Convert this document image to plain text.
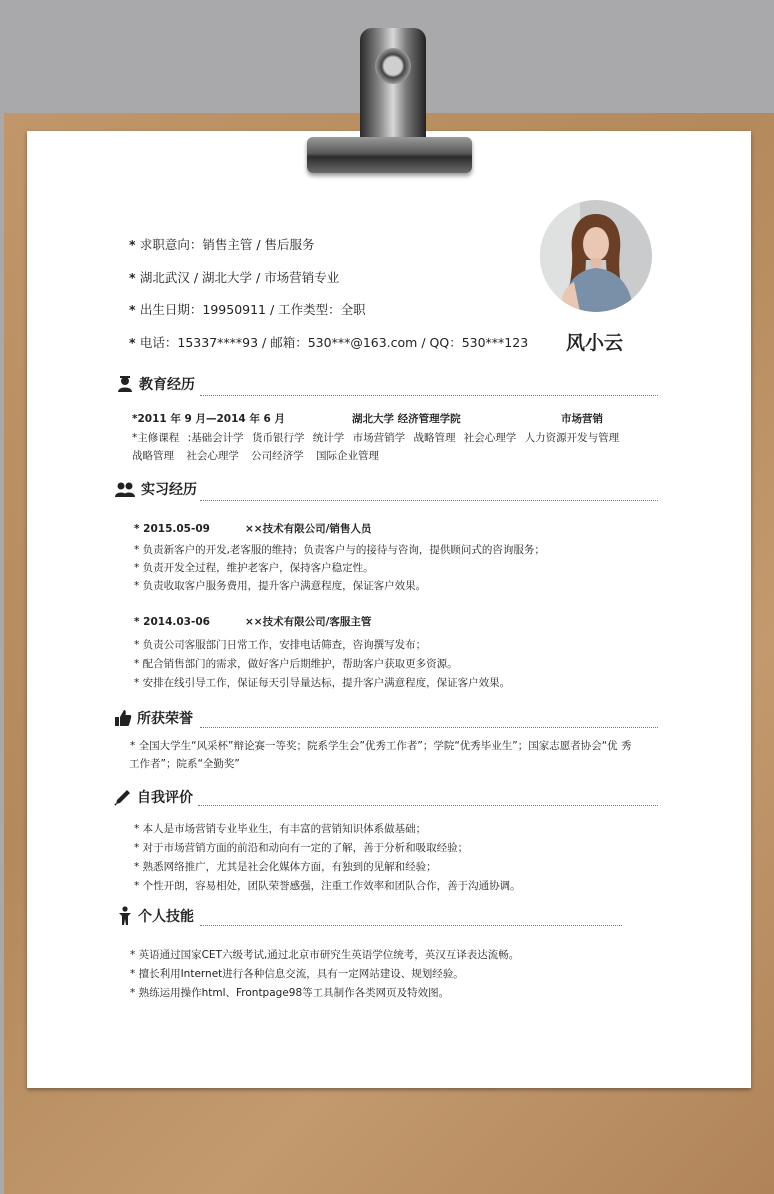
* 求职意向：销售主管 / 售后服务
* 湖北武汉 / 湖北大学 / 市场营销专业
* 出生日期：19950911 / 工作类型：全职
* 电话：15337****93 / 邮箱：530***@163.com / QQ：530***123 风小云
教育经历
*2011 年 9 月—2014 年 6 月	湖北大学 经济管理学院	市场营销
*主修课程 :基础会计学 货币银行学 统计学 市场营销学 战略管理 社会心理学 人力资源开发与管理
战略管理 社会心理学 公司经济学 国际企业管理
实习经历
* 2015.05-09	××技术有限公司/销售人员
* 负责新客户的开发,老客服的维持；负责客户与的接待与咨询，提供顾问式的咨询服务；
* 负责开发全过程，维护老客户，保持客户稳定性。
* 负责收取客户服务费用，提升客户满意程度，保证客户效果。
* 2014.03-06	××技术有限公司/客服主管
* 负责公司客服部门日常工作，安排电话筛查，咨询撰写发布；
* 配合销售部门的需求，做好客户后期维护，帮助客户获取更多资源。
* 安排在线引导工作，保证每天引导量达标，提升客户满意程度，保证客户效果。
所获荣誉
* 全国大学生“风采杯”辩论赛一等奖；院系学生会”优秀工作者”；学院“优秀毕业生”；国家志愿者协会“优 秀
工作者”；院系“全勤奖”
自我评价
* 本人是市场营销专业毕业生，有丰富的营销知识体系做基础；
* 对于市场营销方面的前沿和动向有一定的了解，善于分析和吸取经验；
* 熟悉网络推广，尤其是社会化媒体方面，有独到的见解和经验；
* 个性开朗，容易相处，团队荣誉感强，注重工作效率和团队合作，善于沟通协调。
个人技能
* 英语通过国家CET六级考试,通过北京市研究生英语学位统考，英汉互译表达流畅。
* 擅长利用Internet进行各种信息交流，具有一定网站建设、规划经验。
* 熟练运用操作html、Frontpage98等工具制作各类网页及特效图。
